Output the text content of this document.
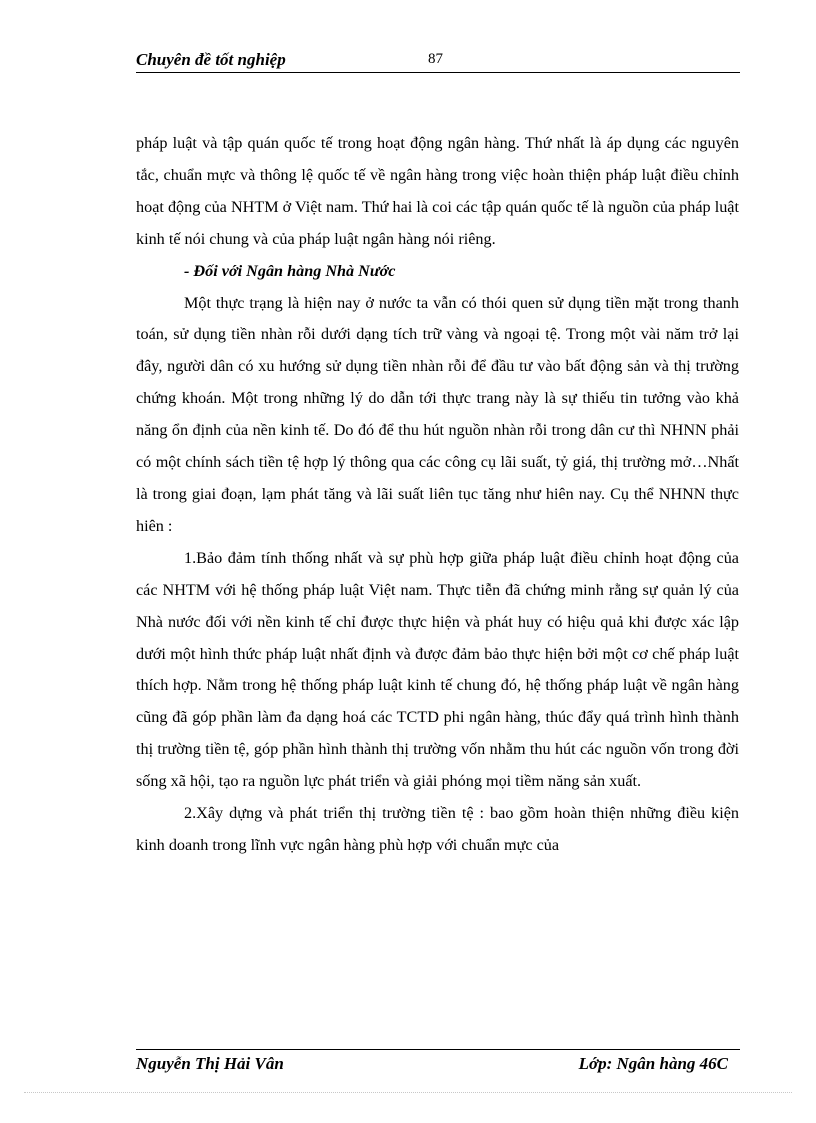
Chuyên đề tốt nghiệp	87

pháp luật và tập quán quốc tế trong hoạt động ngân hàng. Thứ nhất là áp dụng các nguyên tắc, chuẩn mực và thông lệ quốc tế về ngân hàng trong việc hoàn thiện pháp luật điều chỉnh hoạt động của NHTM ở Việt nam. Thứ hai là coi các tập quán quốc tế là nguồn của pháp luật kinh tế nói chung và của pháp luật ngân hàng nói riêng.

- Đối với Ngân hàng Nhà Nước

Một thực trạng là hiện nay ở nước ta vẫn có thói quen sử dụng tiền mặt trong thanh toán, sử dụng tiền nhàn rỗi dưới dạng tích trữ vàng và ngoại tệ. Trong một vài năm trở lại đây, người dân có xu hướng sử dụng tiền nhàn rỗi để đầu tư vào bất động sản và thị trường chứng khoán. Một trong những lý do dẫn tới thực trang này là sự thiếu tin tưởng vào khả năng ổn định của nền kinh tế. Do đó để thu hút nguồn nhàn rỗi trong dân cư thì NHNN phải có một chính sách tiền tệ hợp lý thông qua các công cụ lãi suất, tỷ giá, thị trường mở…Nhất là trong giai đoạn, lạm phát tăng và lãi suất liên tục tăng như hiên nay. Cụ thể NHNN thực hiên :

1.Bảo đảm tính thống nhất và sự phù hợp giữa pháp luật điều chỉnh hoạt động của các NHTM với hệ thống pháp luật Việt nam. Thực tiễn đã chứng minh rằng sự quản lý của Nhà nước đối với nền kinh tế chỉ được thực hiện và phát huy có hiệu quả khi được xác lập dưới một hình thức pháp luật nhất định và được đảm bảo thực hiện bởi một cơ chế pháp luật thích hợp. Nằm trong hệ thống pháp luật kinh tế chung đó, hệ thống pháp luật về ngân hàng cũng đã góp phần làm đa dạng hoá các TCTD phi ngân hàng, thúc đẩy quá trình hình thành thị trường tiền tệ, góp phần hình thành thị trường vốn nhằm thu hút các nguồn vốn trong đời sống xã hội, tạo ra nguồn lực phát triển và giải phóng mọi tiềm năng sản xuất.

2.Xây dựng và phát triển thị trường tiền tệ : bao gồm hoàn thiện những điều kiện kinh doanh trong lĩnh vực ngân hàng phù hợp với chuẩn mực của

Nguyễn Thị Hải Vân	Lớp: Ngân hàng 46C
